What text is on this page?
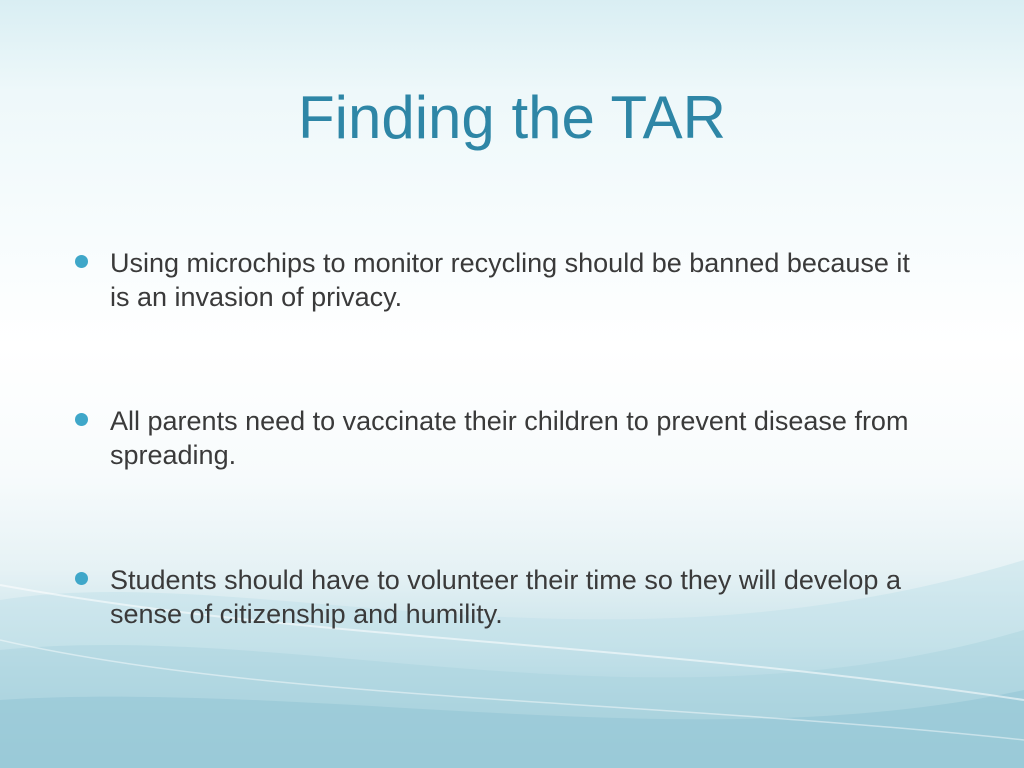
Finding the TAR
Using microchips to monitor recycling should be banned because it is an invasion of privacy.
All parents need to vaccinate their children to prevent disease from spreading.
Students should have to volunteer their time so they will develop a sense of citizenship and humility.
